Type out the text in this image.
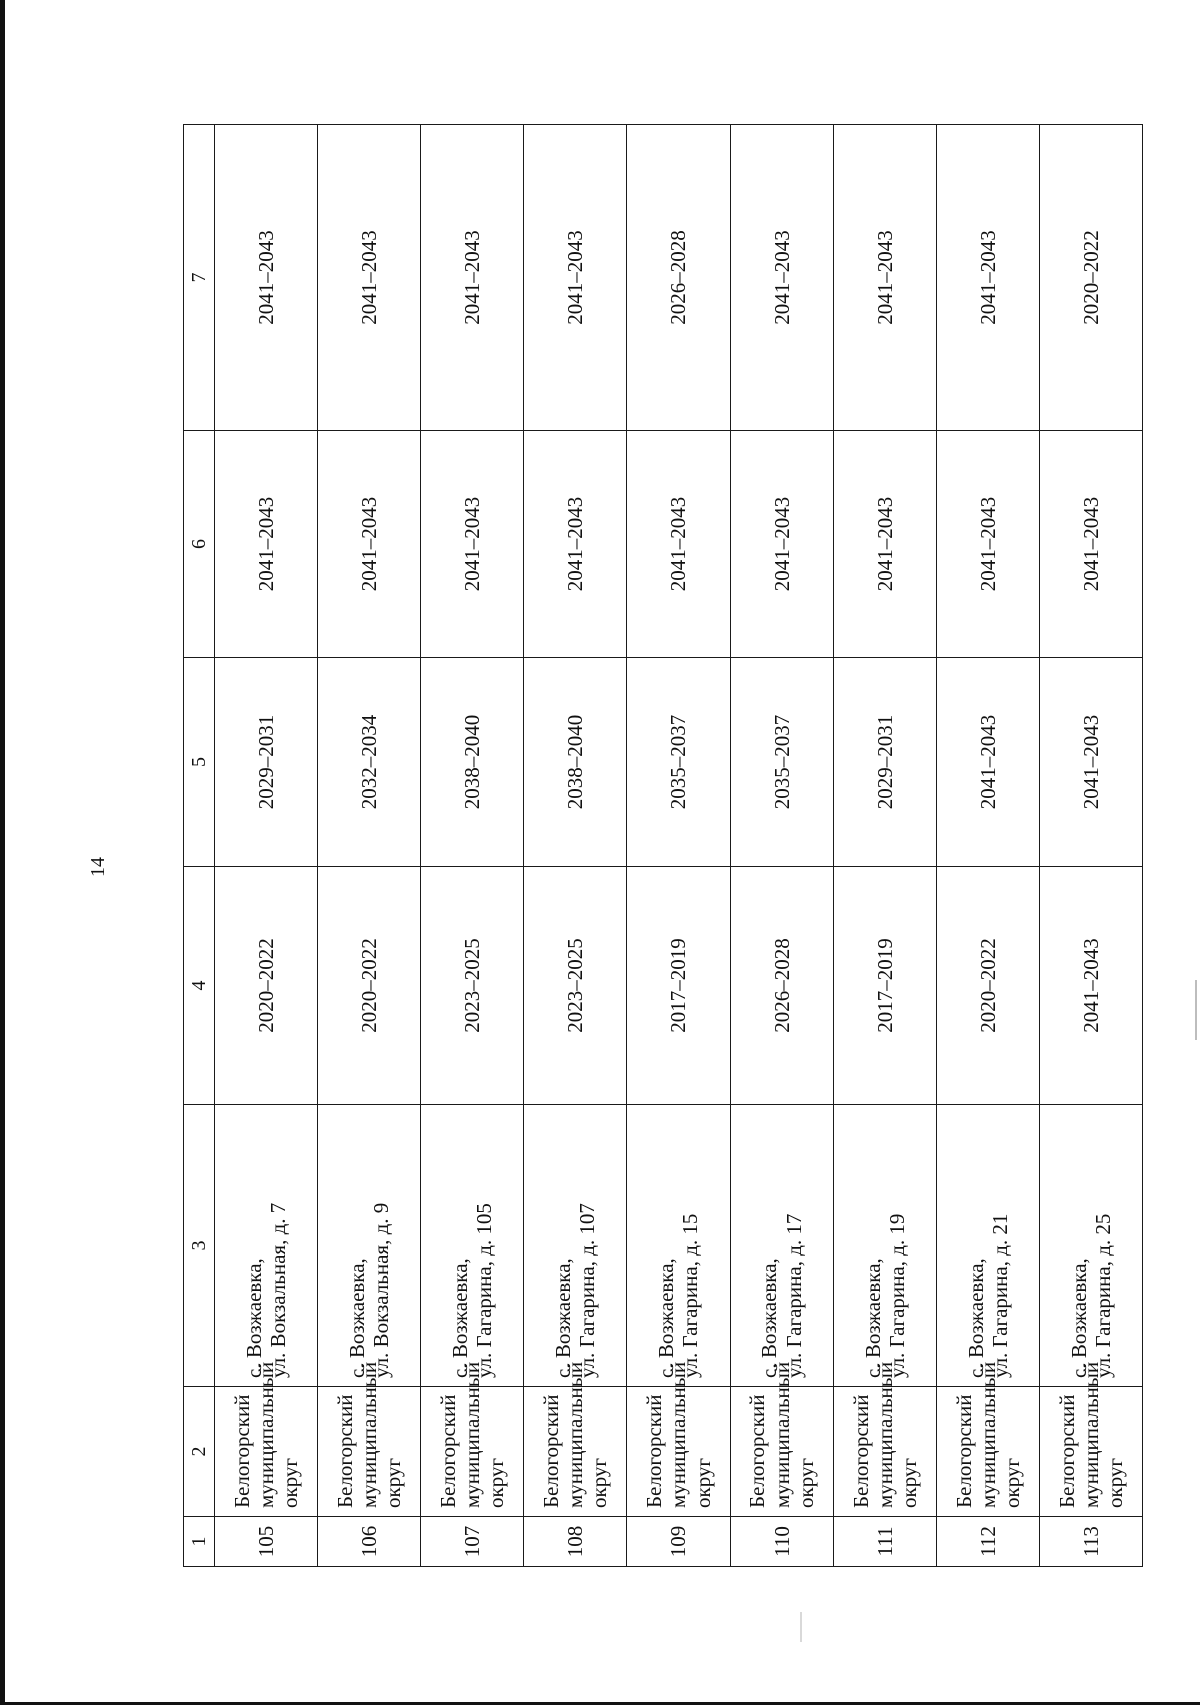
14
1	2	3	4	5	6	7
105	Белогорский муниципальный округ	с. Возжаевка, ул. Вокзальная, д. 7	2020–2022	2029–2031	2041–2043	2041–2043
106	Белогорский муниципальный округ	с. Возжаевка, ул. Вокзальная, д. 9	2020–2022	2032–2034	2041–2043	2041–2043
107	Белогорский муниципальный округ	с. Возжаевка, ул. Гагарина, д. 105	2023–2025	2038–2040	2041–2043	2041–2043
108	Белогорский муниципальный округ	с. Возжаевка, ул. Гагарина, д. 107	2023–2025	2038–2040	2041–2043	2041–2043
109	Белогорский муниципальный округ	с. Возжаевка, ул. Гагарина, д. 15	2017–2019	2035–2037	2041–2043	2026–2028
110	Белогорский муниципальный округ	с. Возжаевка, ул. Гагарина, д. 17	2026–2028	2035–2037	2041–2043	2041–2043
111	Белогорский муниципальный округ	с. Возжаевка, ул. Гагарина, д. 19	2017–2019	2029–2031	2041–2043	2041–2043
112	Белогорский муниципальный округ	с. Возжаевка, ул. Гагарина, д. 21	2020–2022	2041–2043	2041–2043	2041–2043
113	Белогорский муниципальный округ	с. Возжаевка, ул. Гагарина, д. 25	2041–2043	2041–2043	2041–2043	2020–2022
